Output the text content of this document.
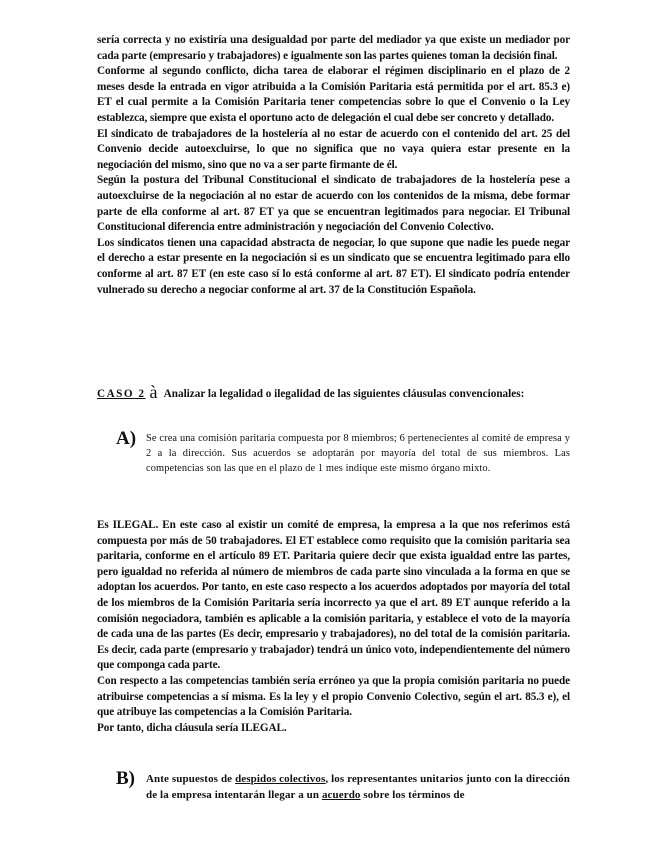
sería correcta y no existiría una desigualdad por parte del mediador ya que existe un mediador por cada parte (empresario y trabajadores) e igualmente son las partes quienes toman la decisión final.

Conforme al segundo conflicto, dicha tarea de elaborar el régimen disciplinario en el plazo de 2 meses desde la entrada en vigor atribuida a la Comisión Paritaria está permitida por el art. 85.3 e) ET el cual permite a la Comisión Paritaria tener competencias sobre lo que el Convenio o la Ley establezca, siempre que exista el oportuno acto de delegación el cual debe ser concreto y detallado.

El sindicato de trabajadores de la hostelería al no estar de acuerdo con el contenido del art. 25 del Convenio decide autoexcluirse, lo que no significa que no vaya quiera estar presente en la negociación del mismo, sino que no va a ser parte firmante de él.

Según la postura del Tribunal Constitucional el sindicato de trabajadores de la hostelería pese a autoexcluirse de la negociación al no estar de acuerdo con los contenidos de la misma, debe formar parte de ella conforme al art. 87 ET ya que se encuentran legitimados para negociar. El Tribunal Constitucional diferencia entre administración y negociación del Convenio Colectivo.

Los sindicatos tienen una capacidad abstracta de negociar, lo que supone que nadie les puede negar el derecho a estar presente en la negociación si es un sindicato que se encuentra legitimado para ello conforme al art. 87 ET (en este caso sí lo está conforme al art. 87 ET). El sindicato podría entender vulnerado su derecho a negociar conforme al art. 37 de la Constitución Española.

CASO 2 à Analizar la legalidad o ilegalidad de las siguientes cláusulas convencionales:
A) Se crea una comisión paritaria compuesta por 8 miembros; 6 pertenecientes al comité de empresa y 2 a la dirección. Sus acuerdos se adoptarán por mayoría del total de sus miembros. Las competencias son las que en el plazo de 1 mes indique este mismo órgano mixto.

Es ILEGAL. En este caso al existir un comité de empresa, la empresa a la que nos referimos está compuesta por más de 50 trabajadores. El ET establece como requisito que la comisión paritaria sea paritaria, conforme en el artículo 89 ET. Paritaria quiere decir que exista igualdad entre las partes, pero igualdad no referida al número de miembros de cada parte sino vinculada a la forma en que se adoptan los acuerdos. Por tanto, en este caso respecto a los acuerdos adoptados por mayoría del total de los miembros de la Comisión Paritaria sería incorrecto ya que el art. 89 ET aunque referido a la comisión negociadora, también es aplicable a la comisión paritaria, y establece el voto de la mayoría de cada una de las partes (Es decir, empresario y trabajadores), no del total de la comisión paritaria. Es decir, cada parte (empresario y trabajador) tendrá un único voto, independientemente del número que componga cada parte.

Con respecto a las competencias también sería erróneo ya que la propia comisión paritaria no puede atribuirse competencias a sí misma. Es la ley y el propio Convenio Colectivo, según el art. 85.3 e), el que atribuye las competencias a la Comisión Paritaria.

Por tanto, dicha cláusula sería ILEGAL.

B) Ante supuestos de despidos colectivos, los representantes unitarios junto con la dirección de la empresa intentarán llegar a un acuerdo sobre los términos de
